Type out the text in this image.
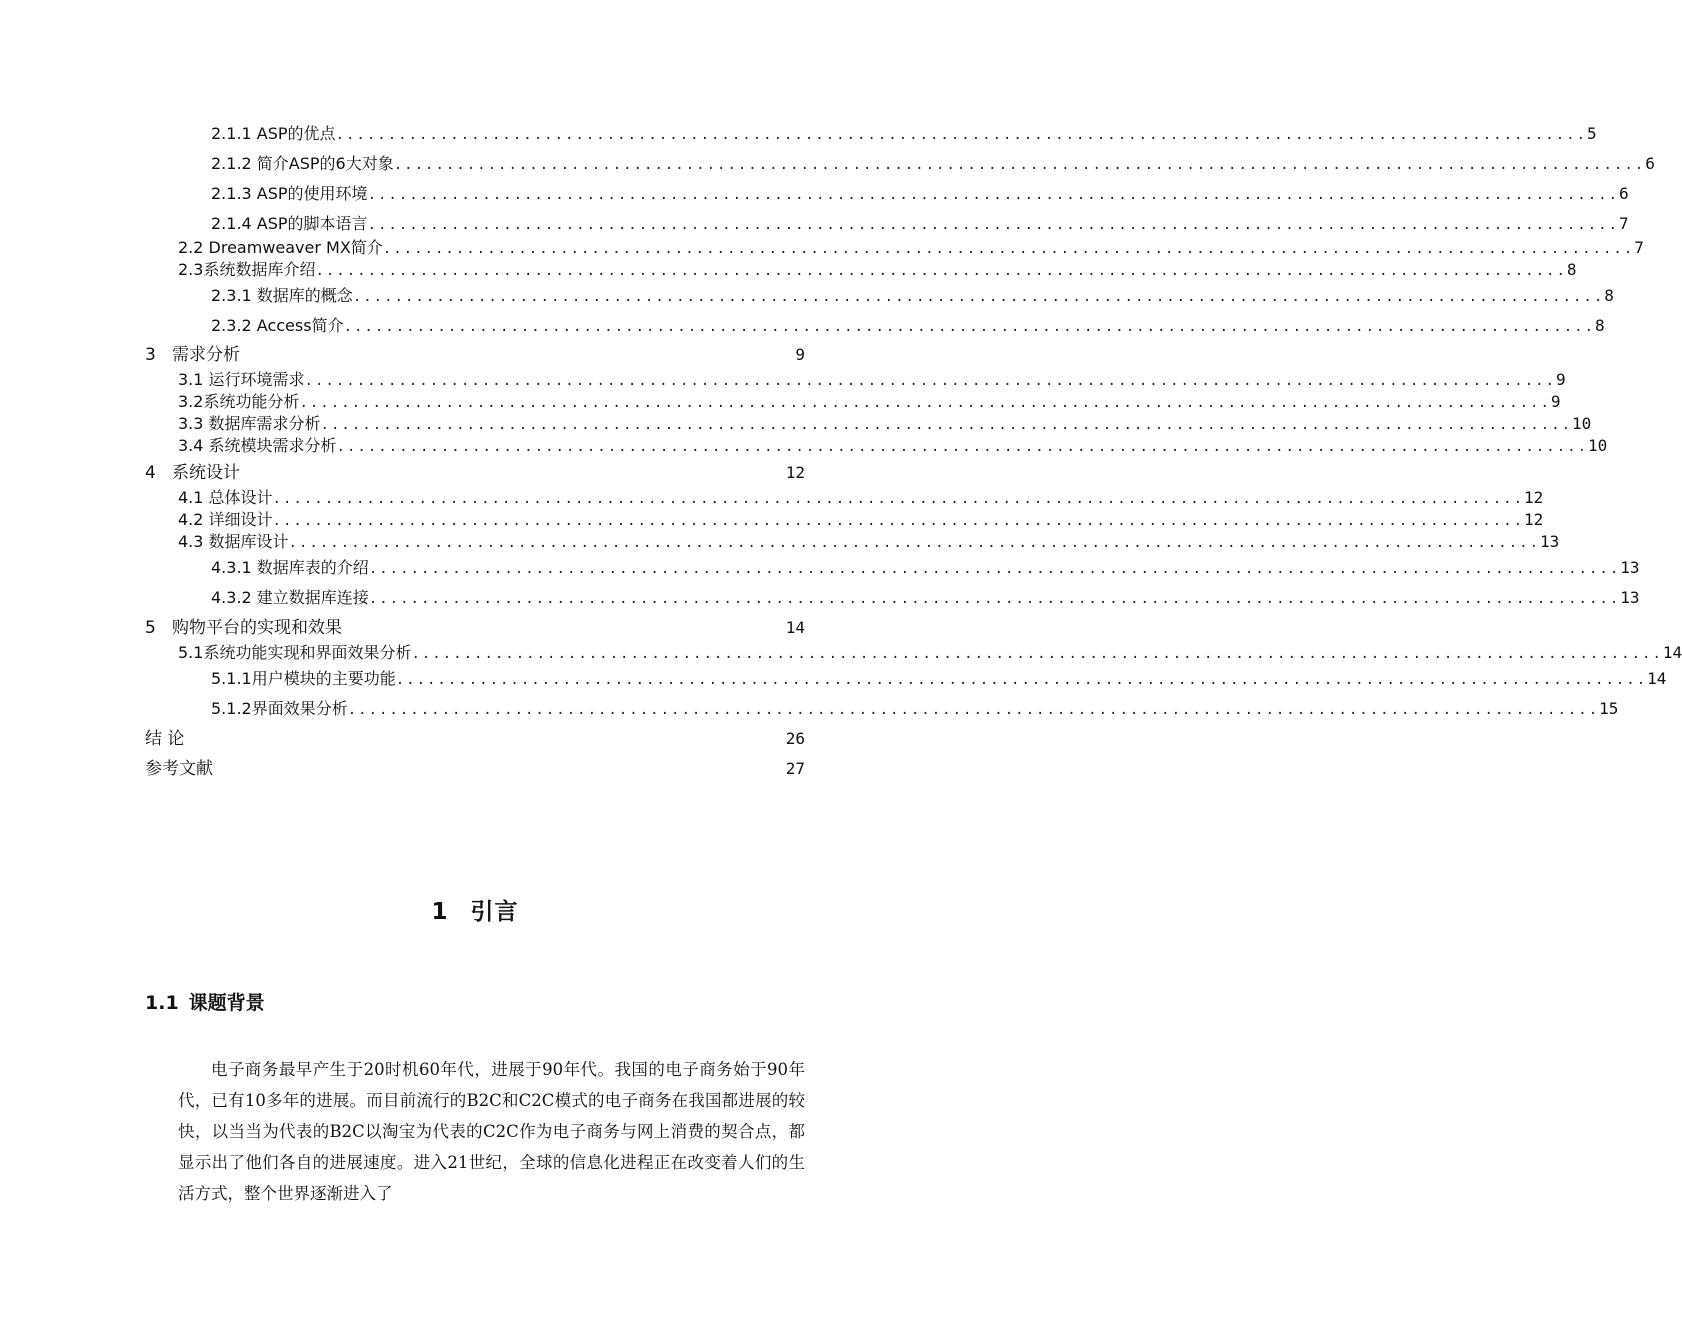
2.1.1 ASP的优点 ........................................................................................................................ 5
2.1.2 简介ASP的6大对象 ........................................................................................................................ 6
2.1.3 ASP的使用环境 ........................................................................................................................ 6
2.1.4 ASP的脚本语言 ........................................................................................................................ 7
2.2 Dreamweaver MX简介 ........................................................................................................................ 7
2.3系统数据库介绍 ........................................................................................................................ 8
2.3.1 数据库的概念 ........................................................................................................................ 8
2.3.2 Access简介 ........................................................................................................................ 8
3 需求分析	9
3.1 运行环境需求 ........................................................................................................................ 9
3.2系统功能分析 ........................................................................................................................ 9
3.3 数据库需求分析 ........................................................................................................................ 10
3.4 系统模块需求分析 ........................................................................................................................ 10
4 系统设计	12
4.1 总体设计 ........................................................................................................................ 12
4.2 详细设计 ........................................................................................................................ 12
4.3 数据库设计 ........................................................................................................................ 13
4.3.1 数据库表的介绍 ........................................................................................................................ 13
4.3.2 建立数据库连接 ........................................................................................................................ 13
5 购物平台的实现和效果	14
5.1系统功能实现和界面效果分析 ........................................................................................................................ 14
5.1.1用户模块的主要功能 ........................................................................................................................ 14
5.1.2界面效果分析 ........................................................................................................................ 15
结 论	26
参考文献	27
1 引言
1.1 课题背景
电子商务最早产生于20时机60年代，进展于90年代。我国的电子商务始于90年代，已有10多年的进展。而目前流行的B2C和C2C模式的电子商务在我国都进展的较快，以当当为代表的B2C以淘宝为代表的C2C作为电子商务与网上消费的契合点，都显示出了他们各自的进展速度。进入21世纪，全球的信息化进程正在改变着人们的生活方式，整个世界逐渐进入了
